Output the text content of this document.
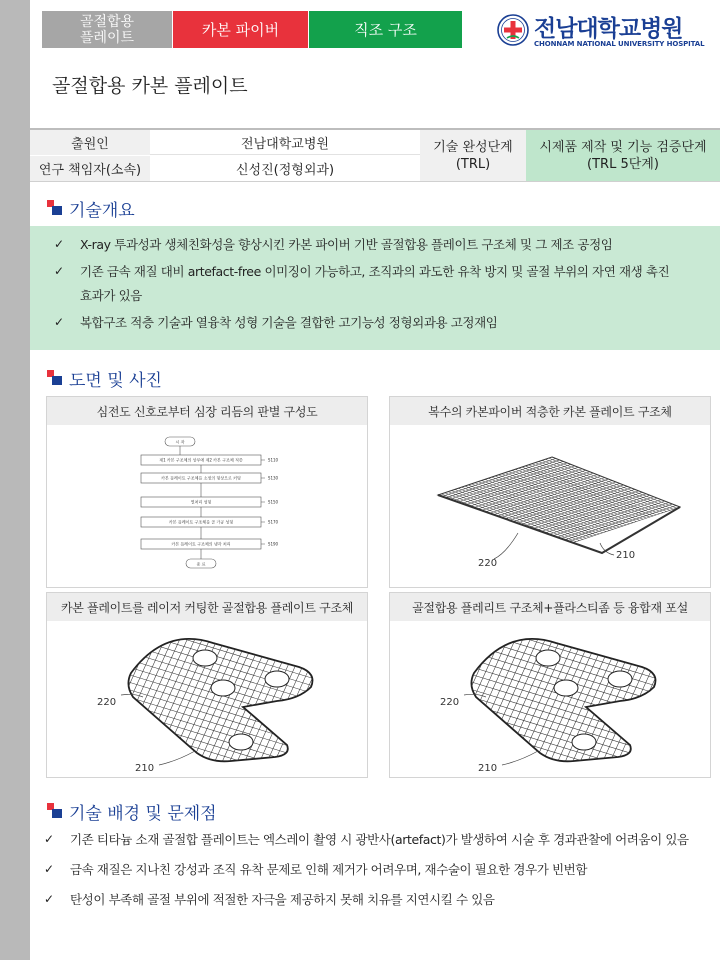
골절합용
플레이트	카본 파이버	직조 구조	전남대학교병원
CHONNAM NATIONAL UNIVERSITY HOSPITAL
골절합용 카본 플레이트
출원인	전남대학교병원
연구 책임자(소속)	신성진(정형외과)
기술 완성단계
(TRL)
시제품 제작 및 기능 검증단계
(TRL 5단계)
기술개요
✓ X-ray 투과성과 생체친화성을 향상시킨 카본 파이버 기반 골절합용 플레이트 구조체 및 그 제조 공정임
✓ 기존 금속 재질 대비 artefact-free 이미징이 가능하고, 조직과의 과도한 유착 방지 및 골절 부위의 자연 재생 촉진
효과가 있음
✓ 복합구조 적층 기술과 열융착 성형 기술을 결합한 고기능성 정형외과용 고정재임
도면 및 사진
심전도 신호로부터 심장 리듬의 판별 구성도
시 작
제1 카본 구조체의 상부에 제2 카본 구조체 적층	S110
카본 플레이트 구조체를 소정의 형상으로 커팅	S130
열처리 성형	S150
카본 플레이트 구조체를 골 가공 성형	S170
카본 플레이트 구조체의 냉각 처리	S190
종 료
복수의 카본파이버 적층한 카본 플레이트 구조체
220
210
카본 플레이트를 레이저 커팅한 골절합용 플레이트 구조체
220
210
골절합용 플레리트 구조체+플라스티좀 등 융합재 포설
220
210
기술 배경 및 문제점
✓ 기존 티타늄 소재 골절합 플레이트는 엑스레이 촬영 시 광반사(artefact)가 발생하여 시술 후 경과관찰에 어려움이 있음
✓ 금속 재질은 지나친 강성과 조직 유착 문제로 인해 제거가 어려우며, 재수술이 필요한 경우가 빈번함
✓ 탄성이 부족해 골절 부위에 적절한 자극을 제공하지 못해 치유를 지연시킬 수 있음
